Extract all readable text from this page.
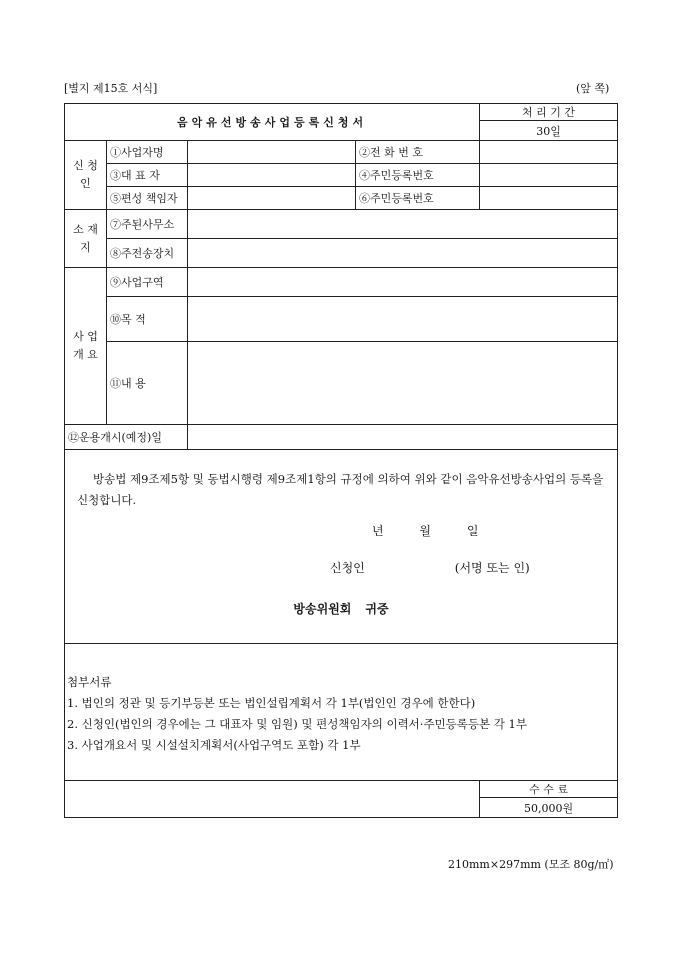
[별지 제15호 서식]	(앞 쪽)
음악유선방송사업등록신청서				처 리 기 간
				30일
신 청 인	①사업자명		②전 화 번 호	
	③대 표 자		④주민등록번호	
	⑤편성 책임자		⑥주민등록번호	
소 재 지	⑦주된사무소			
	⑧주전송장치			
사 업 개 요	⑨사업구역			
	⑩목 적			
	⑪내 용			
⑫운용개시(예정)일				

방송법 제9조제5항 및 동법시행령 제9조제1항의 규정에 의하여 위와 같이 음악유선방송사업의 등록을 신청합니다.
년 월 일
신청인 (서명 또는 인)
방송위원회 귀중				

첨부서류
1. 법인의 정관 및 등기부등본 또는 법인설립계획서 각 1부(법인인 경우에 한한다)
2. 신청인(법인의 경우에는 그 대표자 및 임원) 및 편성책임자의 이력서·주민등록등본 각 1부
3. 사업개요서 및 시설설치계획서(사업구역도 포함) 각 1부				

				수 수 료
				50,000원
210mm×297mm (모조 80g/㎡)
